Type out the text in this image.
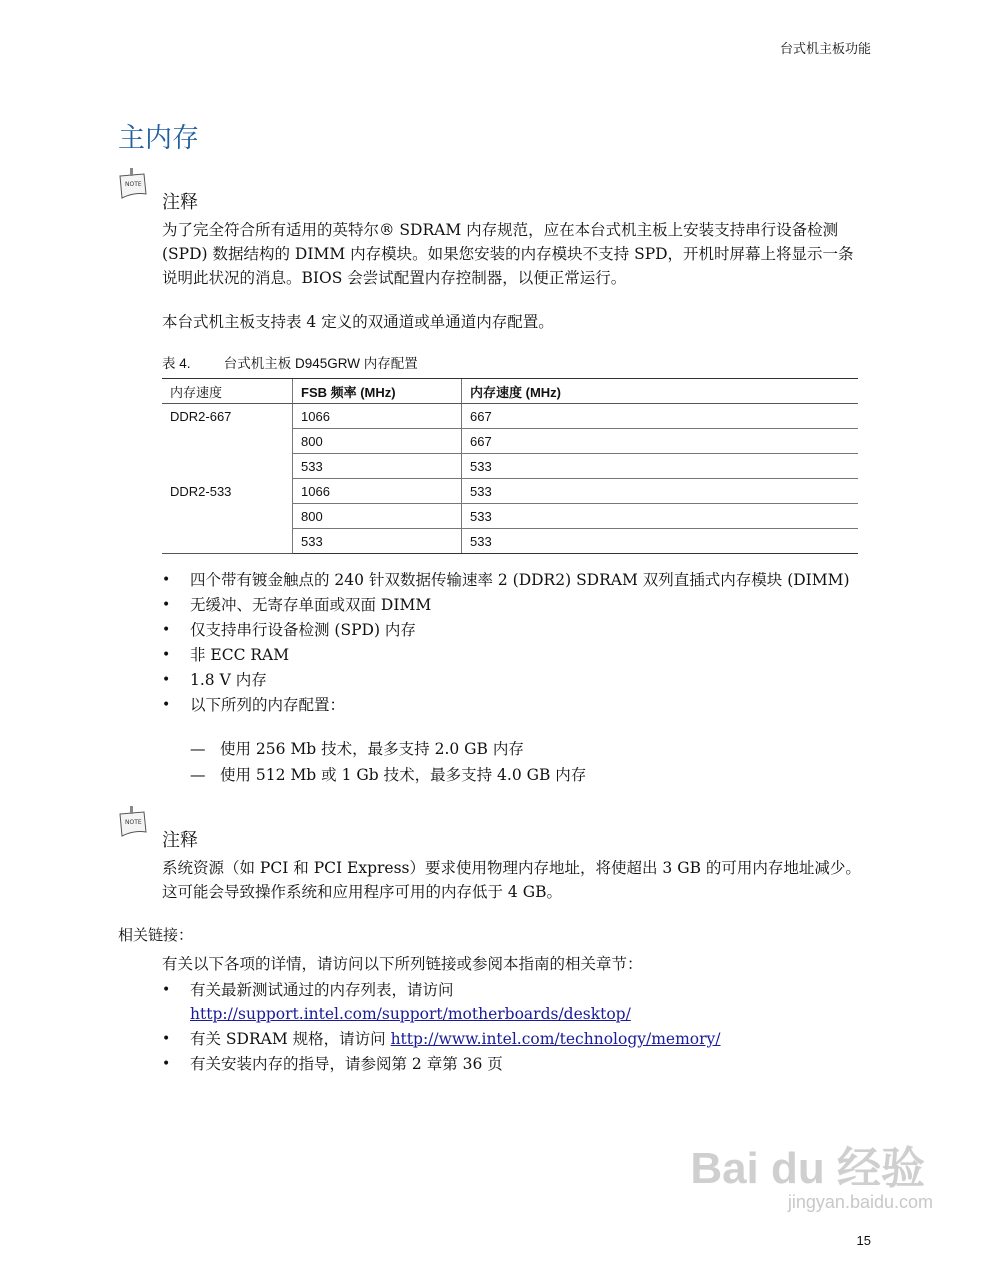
台式机主板功能
主内存
NOTE
注释
为了完全符合所有适用的英特尔® SDRAM 内存规范，应在本台式机主板上安装支持串行设备检测 (SPD) 数据结构的 DIMM 内存模块。如果您安装的内存模块不支持 SPD，开机时屏幕上将显示一条说明此状况的消息。BIOS 会尝试配置内存控制器，以便正常运行。
本台式机主板支持表 4 定义的双通道或单通道内存配置。
表 4. 台式机主板 D945GRW 内存配置
内存速度	FSB 频率 (MHz)	内存速度 (MHz)
DDR2-667	1066	667
	800	667
	533	533
DDR2-533	1066	533
	800	533
	533	533
• 四个带有镀金触点的 240 针双数据传输速率 2 (DDR2) SDRAM 双列直插式内存模块 (DIMM)
• 无缓冲、无寄存单面或双面 DIMM
• 仅支持串行设备检测 (SPD) 内存
• 非 ECC RAM
• 1.8 V 内存
• 以下所列的内存配置：
— 使用 256 Mb 技术，最多支持 2.0 GB 内存
— 使用 512 Mb 或 1 Gb 技术，最多支持 4.0 GB 内存
NOTE
注释
系统资源（如 PCI 和 PCI Express）要求使用物理内存地址，将使超出 3 GB 的可用内存地址减少。这可能会导致操作系统和应用程序可用的内存低于 4 GB。
相关链接：
有关以下各项的详情，请访问以下所列链接或参阅本指南的相关章节：
• 有关最新测试通过的内存列表，请访问
http://support.intel.com/support/motherboards/desktop/
• 有关 SDRAM 规格，请访问 http://www.intel.com/technology/memory/
• 有关安装内存的指导，请参阅第 2 章第 36 页
Bai du 经验
jingyan.baidu.com
15
